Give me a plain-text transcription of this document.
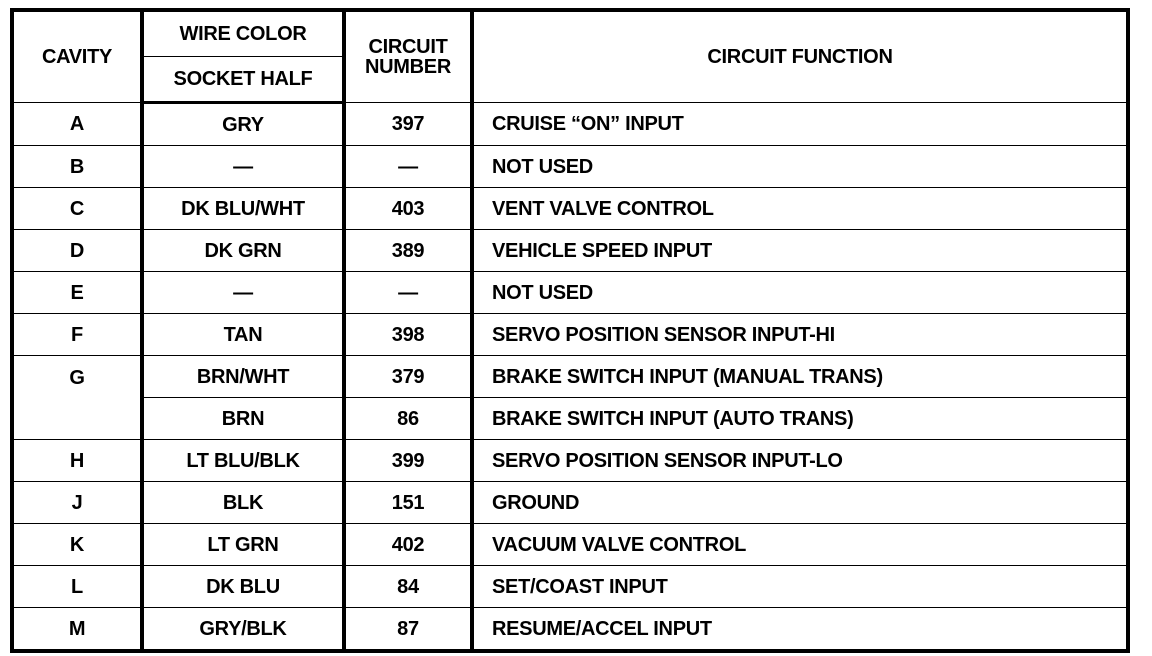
CAVITY	WIRE COLOR	CIRCUIT NUMBER	CIRCUIT FUNCTION
	SOCKET HALF		
A	GRY	397	CRUISE “ON” INPUT
B	—	—	NOT USED
C	DK BLU/WHT	403	VENT VALVE CONTROL
D	DK GRN	389	VEHICLE SPEED INPUT
E	—	—	NOT USED
F	TAN	398	SERVO POSITION SENSOR INPUT-HI
G	BRN/WHT	379	BRAKE SWITCH INPUT (MANUAL TRANS)
	BRN	86	BRAKE SWITCH INPUT (AUTO TRANS)
H	LT BLU/BLK	399	SERVO POSITION SENSOR INPUT-LO
J	BLK	151	GROUND
K	LT GRN	402	VACUUM VALVE CONTROL
L	DK BLU	84	SET/COAST INPUT
M	GRY/BLK	87	RESUME/ACCEL INPUT
